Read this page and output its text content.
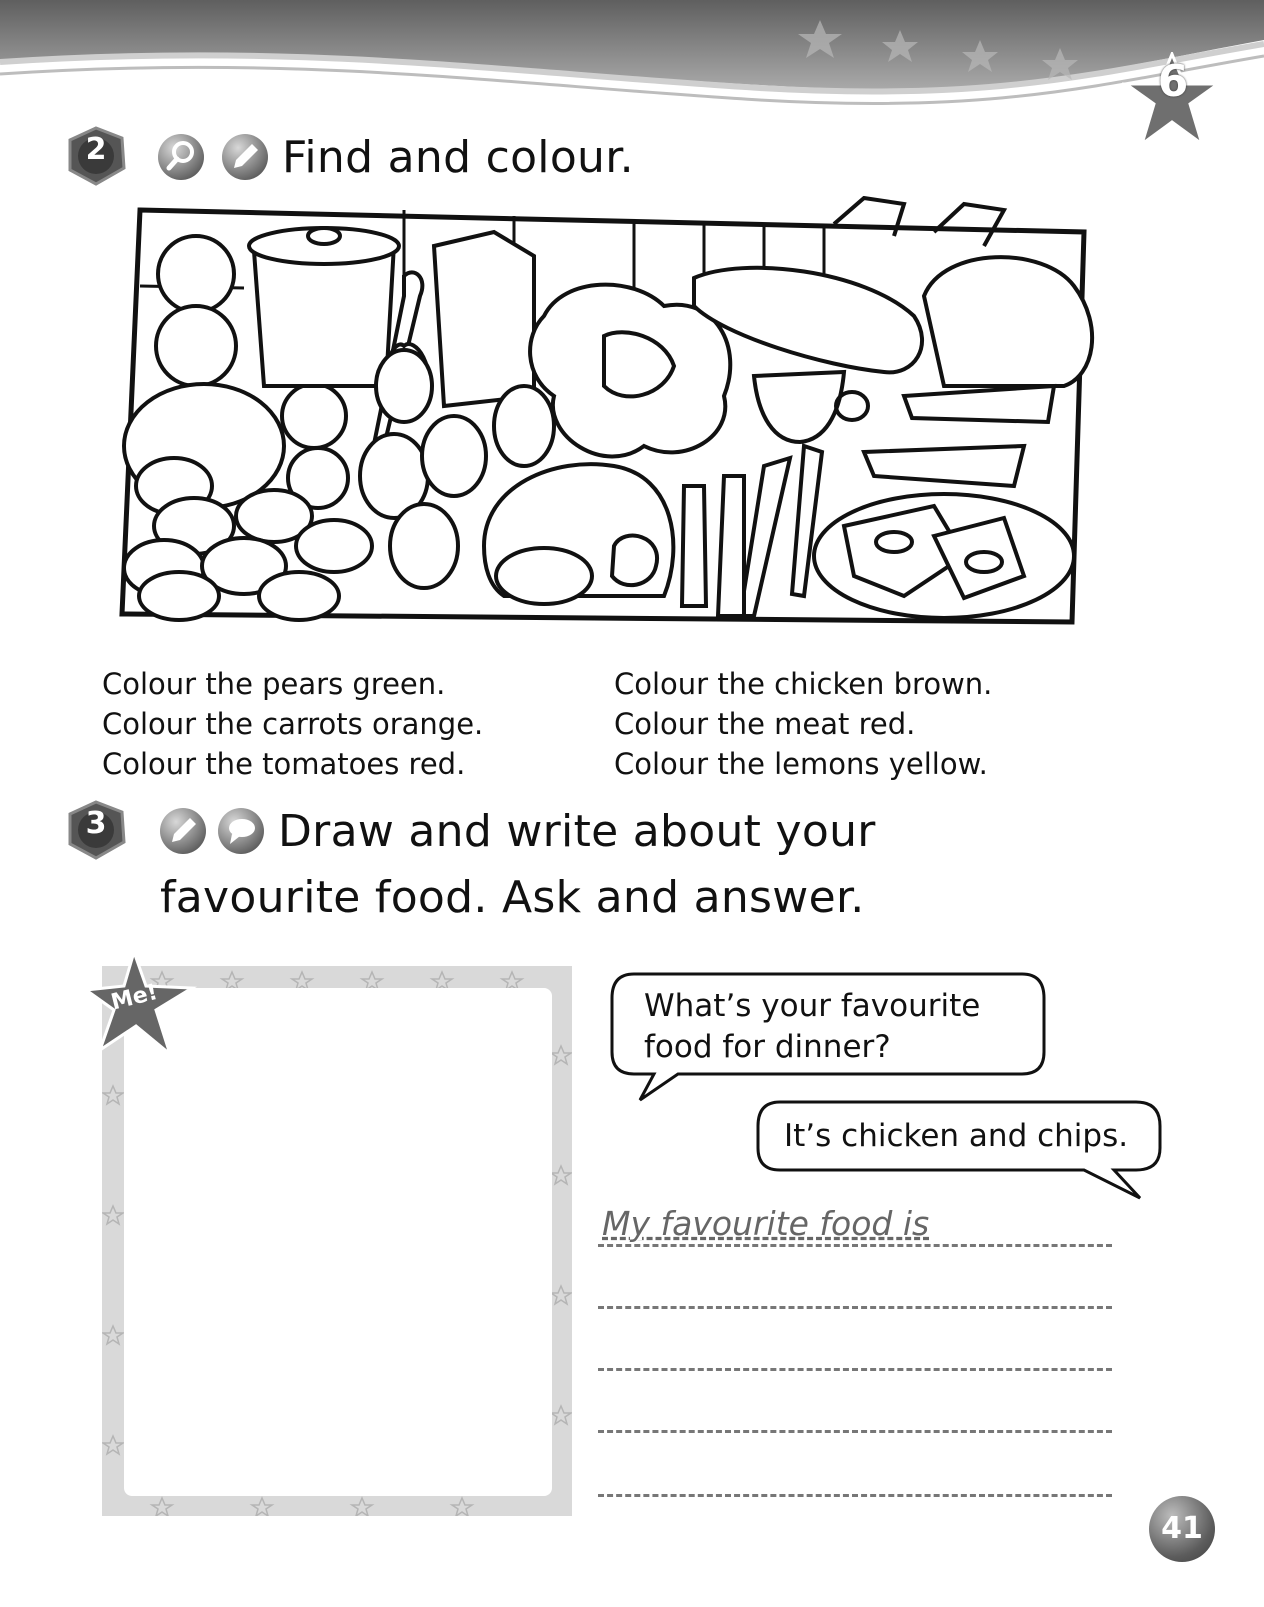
6
2	Find and colour.
Colour the pears green.
Colour the carrots orange.
Colour the tomatoes red.
Colour the chicken brown.
Colour the meat red.
Colour the lemons yellow.
3	Draw and write about your
favourite food. Ask and answer.
Me!	What’s your favourite
food for dinner?
It’s chicken and chips.
My favourite food is
41
